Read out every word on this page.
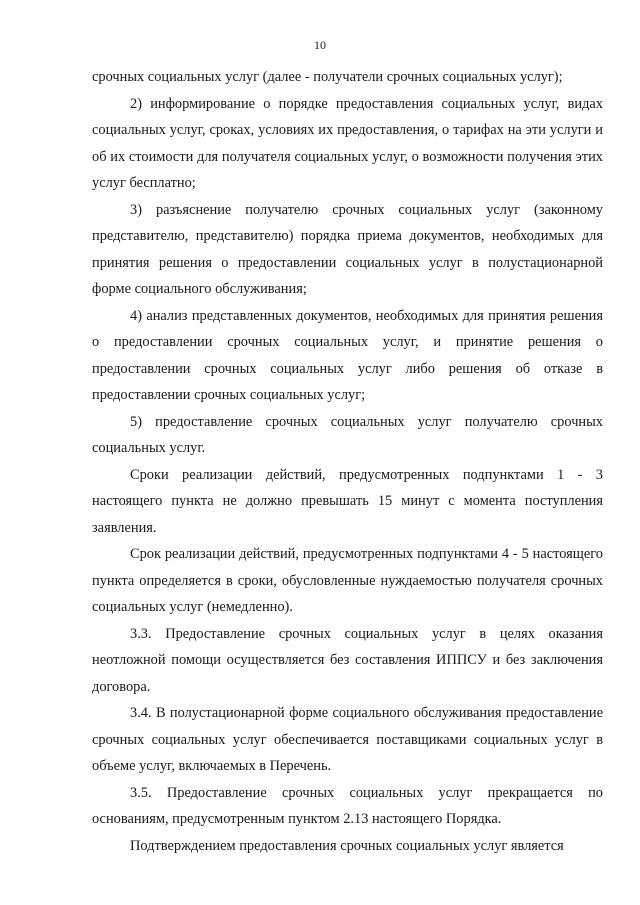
10

срочных социальных услуг (далее - получатели срочных социальных услуг);

2) информирование о порядке предоставления социальных услуг, видах социальных услуг, сроках, условиях их предоставления, о тарифах на эти услуги и об их стоимости для получателя социальных услуг, о возможности получения этих услуг бесплатно;

3) разъяснение получателю срочных социальных услуг (законному представителю, представителю) порядка приема документов, необходимых для принятия решения о предоставлении социальных услуг в полустационарной форме социального обслуживания;

4) анализ представленных документов, необходимых для принятия решения о предоставлении срочных социальных услуг, и принятие решения о предоставлении срочных социальных услуг либо решения об отказе в предоставлении срочных социальных услуг;

5) предоставление срочных социальных услуг получателю срочных социальных услуг.

Сроки реализации действий, предусмотренных подпунктами 1 - 3 настоящего пункта не должно превышать 15 минут с момента поступления заявления.

Срок реализации действий, предусмотренных подпунктами 4 - 5 настоящего пункта определяется в сроки, обусловленные нуждаемостью получателя срочных социальных услуг (немедленно).

3.3. Предоставление срочных социальных услуг в целях оказания неотложной помощи осуществляется без составления ИППСУ и без заключения договора.

3.4. В полустационарной форме социального обслуживания предоставление срочных социальных услуг обеспечивается поставщиками социальных услуг в объеме услуг, включаемых в Перечень.

3.5. Предоставление срочных социальных услуг прекращается по основаниям, предусмотренным пунктом 2.13 настоящего Порядка.

Подтверждением предоставления срочных социальных услуг является
